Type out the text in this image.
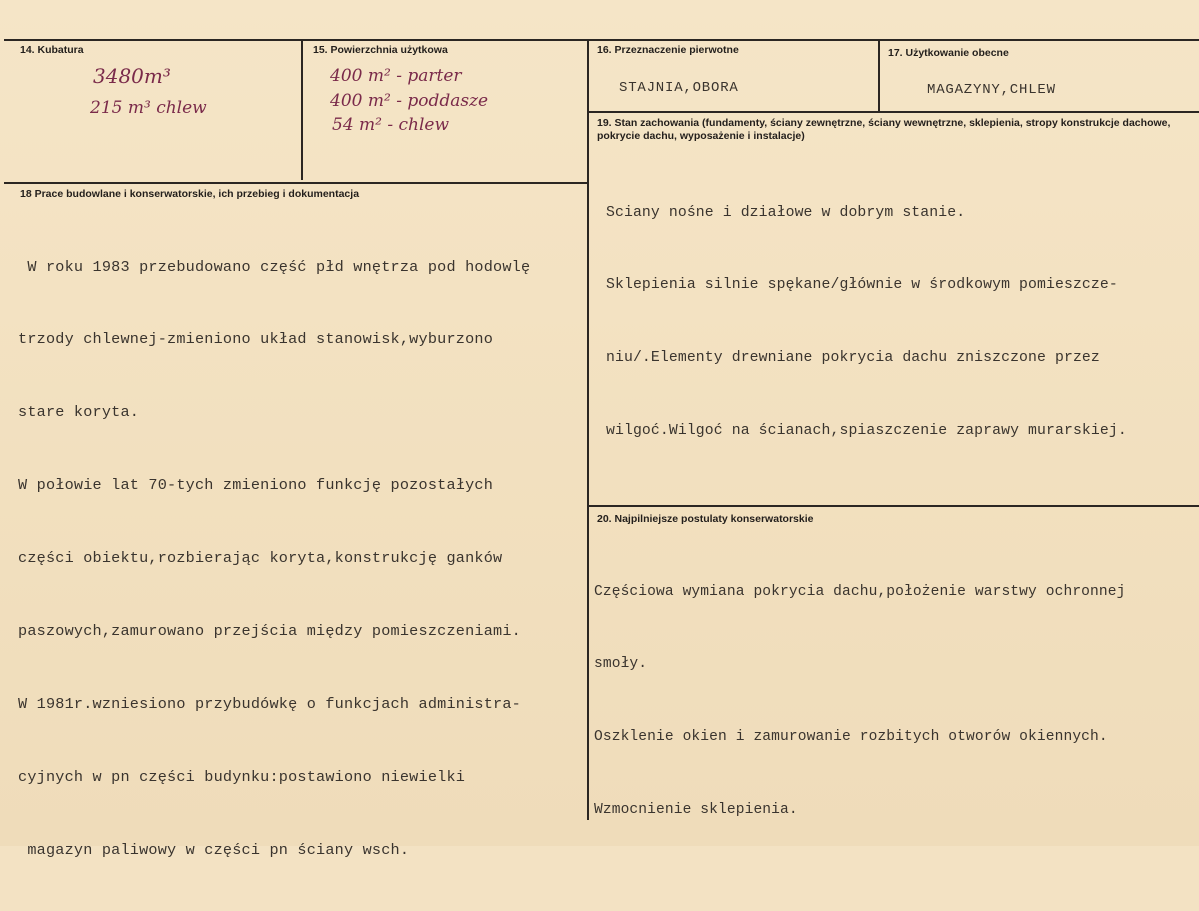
14. Kubatura
3480m³
215 m³ chlew
15. Powierzchnia użytkowa
400 m² - parter
400 m² - poddasze
54 m² - chlew
16. Przeznaczenie pierwotne
STAJNIA,OBORA
17. Użytkowanie obecne
MAGAZYNY,CHLEW
18 Prace budowlane i konserwatorskie, ich przebieg i dokumentacja

W roku 1983 przebudowano część płd wnętrza pod hodowlę

trzody chlewnej-zmieniono układ stanowisk,wyburzono

stare koryta.

W połowie lat 70-tych zmieniono funkcję pozostałych

części obiektu,rozbierając koryta,konstrukcję ganków

paszowych,zamurowano przejścia między pomieszczeniami.

W 1981r.wzniesiono przybudówkę o funkcjach administra-

cyjnych w pn części budynku:postawiono niewielki

magazyn paliwowy w części pn ściany wsch.

19. Stan zachowania (fundamenty, ściany zewnętrzne, ściany wewnętrzne, sklepienia, stropy konstrukcje dachowe, pokrycie dachu, wyposażenie i instalacje)

Sciany nośne i działowe w dobrym stanie.

Sklepienia silnie spękane/głównie w środkowym pomieszcze-

niu/.Elementy drewniane pokrycia dachu zniszczone przez

wilgoć.Wilgoć na ścianach,spiaszczenie zaprawy murarskiej.

20. Najpilniejsze postulaty konserwatorskie

Częściowa wymiana pokrycia dachu,położenie warstwy ochronnej

smoły.

Oszklenie okien i zamurowanie rozbitych otworów okiennych.

Wzmocnienie sklepienia.
